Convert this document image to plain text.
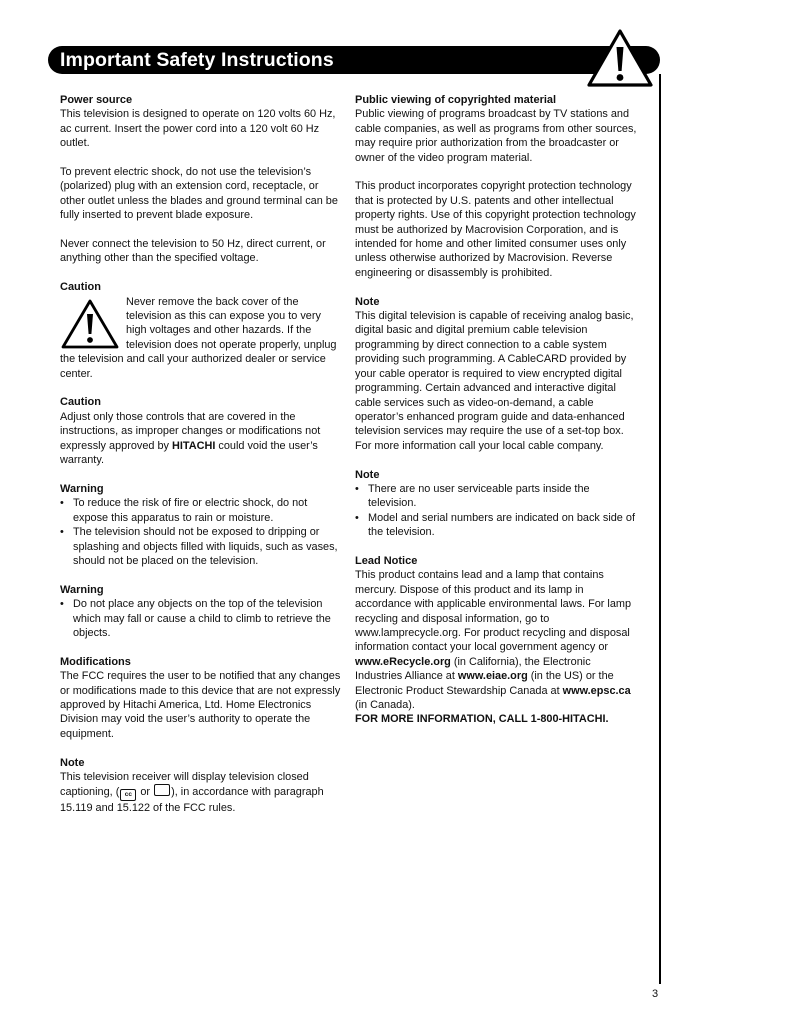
Important Safety Instructions
Power source

This television is designed to operate on 120 volts 60 Hz, ac current. Insert the power cord into a 120 volt 60 Hz outlet.

To prevent electric shock, do not use the television’s (polarized) plug with an extension cord, receptacle, or other outlet unless the blades and ground terminal can be fully inserted to prevent blade exposure.

Never connect the television to 50 Hz, direct current, or anything other than the specified voltage.

Caution
Never remove the back cover of the television as this can expose you to very high voltages and other hazards. If the television does not operate properly, unplug the television and call your authorized dealer or service center.
Caution

Adjust only those controls that are covered in the instructions, as improper changes or modifications not expressly approved by HITACHI could void the user’s warranty.

Warning
• To reduce the risk of fire or electric shock, do not expose this apparatus to rain or moisture.
• The television should not be exposed to dripping or splashing and objects filled with liquids, such as vases, should not be placed on the television.
Warning
• Do not place any objects on the top of the television which may fall or cause a child to climb to retrieve the objects.
Modifications

The FCC requires the user to be notified that any changes or modifications made to this device that are not expressly approved by Hitachi America, Ltd. Home Electronics Division may void the user’s authority to operate the equipment.

Note

This television receiver will display television closed captioning, ( cc or ), in accordance with paragraph 15.119 and 15.122 of the FCC rules.

Public viewing of copyrighted material

Public viewing of programs broadcast by TV stations and cable companies, as well as programs from other sources, may require prior authorization from the broadcaster or owner of the video program material.

This product incorporates copyright protection technology that is protected by U.S. patents and other intellectual property rights. Use of this copyright protection technology must be authorized by Macrovision Corporation, and is intended for home and other limited consumer uses only unless otherwise authorized by Macrovision. Reverse engineering or disassembly is prohibited.

Note

This digital television is capable of receiving analog basic, digital basic and digital premium cable television programming by direct connection to a cable system providing such programming. A CableCARD provided by your cable operator is required to view encrypted digital programming. Certain advanced and interactive digital cable services such as video-on-demand, a cable operator’s enhanced program guide and data-enhanced television services may require the use of a set-top box. For more information call your local cable company.

Note
• There are no user serviceable parts inside the television.
• Model and serial numbers are indicated on back side of the television.
Lead Notice

This product contains lead and a lamp that contains mercury. Dispose of this product and its lamp in accordance with applicable environmental laws. For lamp recycling and disposal information, go to www.lamprecycle.org. For product recycling and disposal information contact your local government agency or www.eRecycle.org (in California), the Electronic Industries Alliance at www.eiae.org (in the US) or the Electronic Product Stewardship Canada at www.epsc.ca (in Canada).

FOR MORE INFORMATION, CALL 1-800-HITACHI.
3
